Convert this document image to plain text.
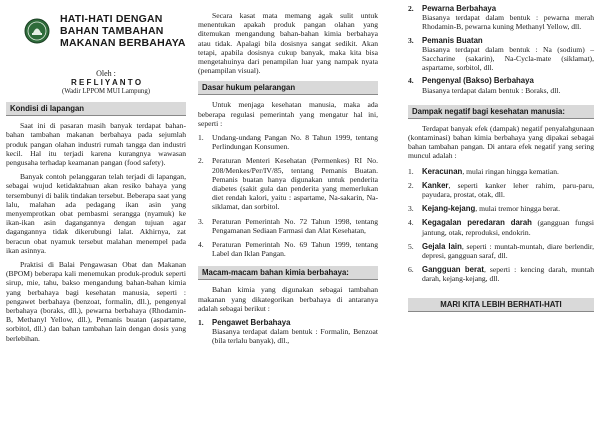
HATI-HATI DENGAN
BAHAN TAMBAHAN
MAKANAN BERBAHAYA
Oleh :
R E F L I Y A N T O
(Wadir LPPOM MUI Lampung)
Kondisi di lapangan

Saat ini di pasaran masih banyak terdapat bahan-bahan tambahan makanan berbahaya pada sejumlah produk pangan olahan industri rumah tangga dan industri kecil. Hal itu terjadi karena kurangnya wawasan pengusaha terhadap keamanan pangan (food safety).

Banyak contoh pelanggaran telah terjadi di lapangan, sebagai wujud ketidaktahuan akan resiko bahaya yang tersembunyi di balik tindakan tersebut. Beberapa saat yang lalu, malahan ada pedagang ikan asin yang menyemprotkan obat pembasmi serangga (nyamuk) ke ikan-ikan asin dagangannya dengan tujuan agar dagangannya tidak dikerubungi lalat. Akhirnya, zat beracun obat nyamuk tersebut malahan menempel pada ikan asinnya.

Praktisi di Balai Pengawasan Obat dan Makanan (BPOM) beberapa kali menemukan produk-produk seperti sirup, mie, tahu, bakso mengandung bahan-bahan kimia yang berbahaya bagi kesehatan manusia, seperti : pengawet berbahaya (benzoat, formalin, dll.), pengenyal berbahaya (boraks, dll.), pewarna berbahaya (Rhodamin-B, Methanyl Yellow, dll.), Pemanis buatan (aspartame, sorbitol, dll.) dan bahan tambahan lain dengan dosis yang berlebihan.

Secara kasat mata memang agak sulit untuk menentukan apakah produk pangan olahan yang ditemukan mengandung bahan-bahan kimia berbahaya atau tidak. Apalagi bila dosisnya sangat sedikit. Akan tetapi, apabila dosisnya cukup banyak, maka kita bisa mengetahuinya dari penampilan luar yang nampak nyata (penampilan visual).

Dasar hukum pelarangan

Untuk menjaga kesehatan manusia, maka ada beberapa regulasi pemerintah yang mengatur hal ini, seperti :

1.	Undang-undang Pangan No. 8 Tahun 1999, tentang Perlindungan Konsumen.
2.	Peraturan Menteri Kesehatan (Permenkes) RI No. 208/Menkes/Per/IV/85, tentang Pemanis Buatan. Pemanis buatan hanya digunakan untuk penderita diabetes (sakit gula dan penderita yang memerlukan diet rendah kalori, yaitu : aspartame, Na-sakarin, Na-siklamat, dan sorbitol.
3.	Peraturan Pemerintah No. 72 Tahun 1998, tentang Pengamanan Sediaan Farmasi dan Alat Kesehatan,
4.	Peraturan Pemerintah No. 69 Tahun 1999, tentang Label dan Iklan Pangan.
Macam-macam bahan kimia berbahaya:

Bahan kimia yang digunakan sebagai tambahan makanan yang dikategorikan berbahaya di antaranya adalah sebagai berikut :

1.	Pengawet Berbahaya
Biasanya terdapat dalam bentuk : Formalin, Benzoat (bila terlalu banyak), dll.,
2.	Pewarna Berbahaya
Biasanya terdapat dalam bentuk : pewarna merah Rhodamin-B, pewarna kuning Methanyl Yellow, dll.
3.	Pemanis Buatan
Biasanya terdapat dalam bentuk : Na (sodium) – Saccharine (sakarin), Na-Cycla-mate (siklamat), aspartame, sorbitol, dll.
4.	Pengenyal (Bakso) Berbahaya
Biasanya terdapat dalam bentuk : Boraks, dll.
Dampak negatif bagi kesehatan manusia:

Terdapat banyak efek (dampak) negatif penyalahgunaan (kontaminasi) bahan kimia berbahaya yang dipakai sebagai bahan tambahan pangan. Di antara efek negatif yang sering muncul adalah :

1.	Keracunan, mulai ringan hingga kematian.
2.	Kanker, seperti kanker leher rahim, paru-paru, payudara, prostat, otak, dll.
3.	Kejang-kejang, mulai tremor hingga berat.
4.	Kegagalan peredaran darah (gangguan fungsi jantung, otak, reproduksi, endokrin.
5.	Gejala lain, seperti : muntah-muntah, diare berlendir, depresi, gangguan saraf, dll.
6.	Gangguan berat, seperti : kencing darah, muntah darah, kejang-kejang, dll.
MARI KITA LEBIH BERHATI-HATI
